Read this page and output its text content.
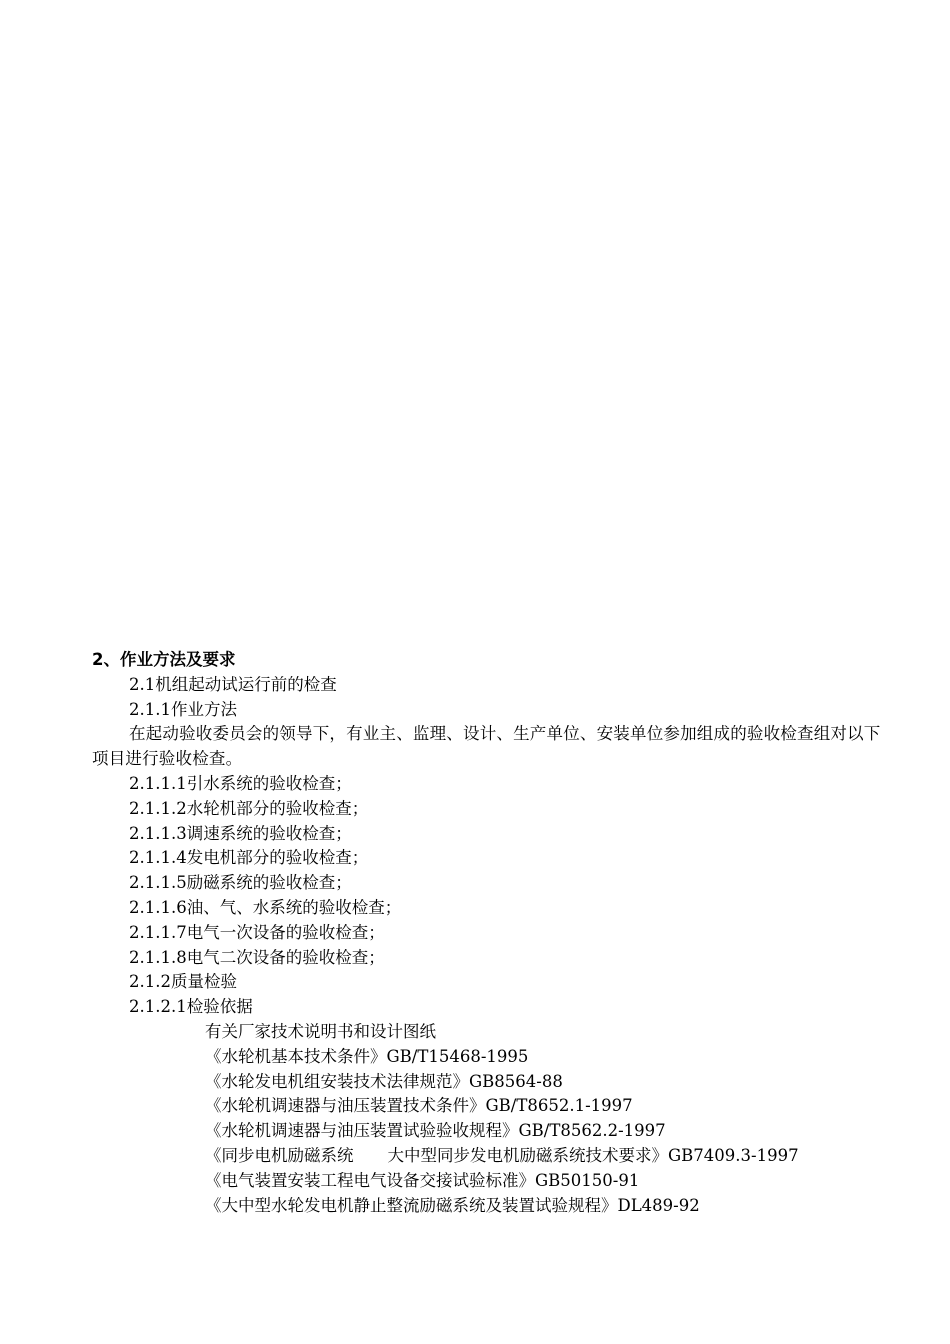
2、作业方法及要求
2.1机组起动试运行前的检查
2.1.1作业方法
在起动验收委员会的领导下，有业主、监理、设计、生产单位、安装单位参加组成的验收检查组对以下项目进行验收检查。
2.1.1.1引水系统的验收检查；
2.1.1.2水轮机部分的验收检查；
2.1.1.3调速系统的验收检查；
2.1.1.4发电机部分的验收检查；
2.1.1.5励磁系统的验收检查；
2.1.1.6油、气、水系统的验收检查；
2.1.1.7电气一次设备的验收检查；
2.1.1.8电气二次设备的验收检查；
2.1.2质量检验
2.1.2.1检验依据
有关厂家技术说明书和设计图纸
《水轮机基本技术条件》GB/T15468-1995
《水轮发电机组安装技术法律规范》GB8564-88
《水轮机调速器与油压装置技术条件》GB/T8652.1-1997
《水轮机调速器与油压装置试验验收规程》GB/T8562.2-1997
《同步电机励磁系统 大中型同步发电机励磁系统技术要求》GB7409.3-1997
《电气装置安装工程电气设备交接试验标准》GB50150-91
《大中型水轮发电机静止整流励磁系统及装置试验规程》DL489-92
